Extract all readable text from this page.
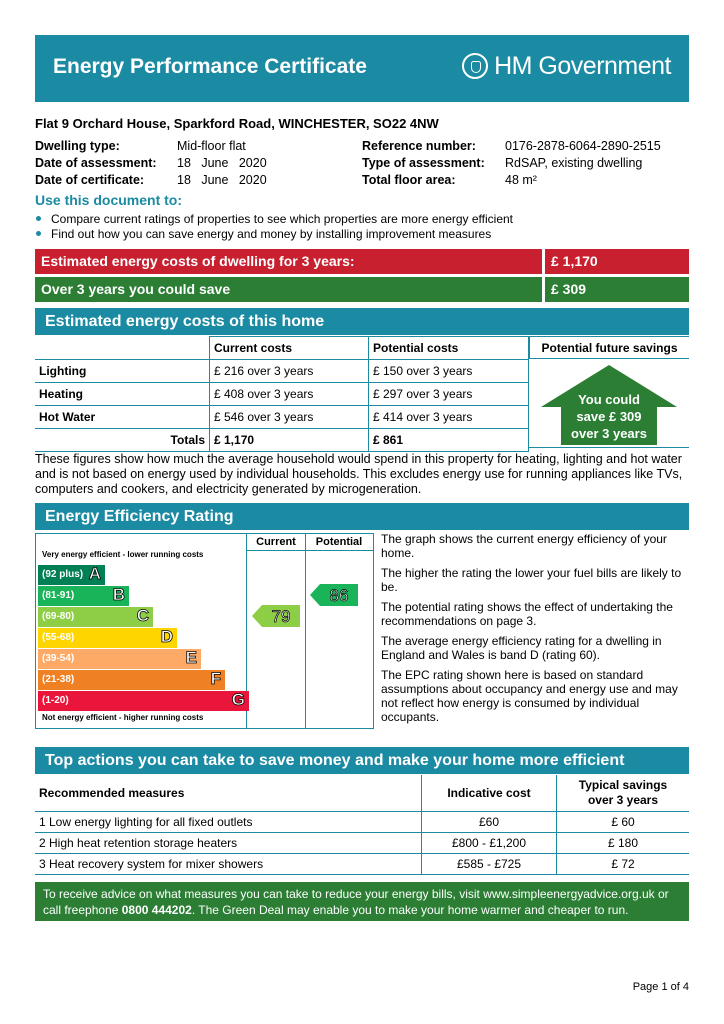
Energy Performance Certificate	HM Government
Flat 9 Orchard House, Sparkford Road, WINCHESTER, SO22 4NW
Dwelling type:	Mid-floor flat
Date of assessment:	18   June   2020
Date of certificate:	18   June   2020
Reference number:	0176-2878-6064-2890-2515
Type of assessment:	RdSAP, existing dwelling
Total floor area:	48 m²
Use this document to:
Compare current ratings of properties to see which properties are more energy efficient
Find out how you can save energy and money by installing improvement measures
Estimated energy costs of dwelling for 3 years:	£ 1,170
Over 3 years you could save	£ 309
Estimated energy costs of this home
	Current costs	Potential costs
Lighting	£ 216 over 3 years	£ 150 over 3 years
Heating	£ 408 over 3 years	£ 297 over 3 years
Hot Water	£ 546 over 3 years	£ 414 over 3 years
Totals	£ 1,170	£ 861
Potential future savings
You could
save £ 309
over 3 years
These figures show how much the average household would spend in this property for heating, lighting and hot water and is not based on energy used by individual households. This excludes energy use for running appliances like TVs, computers and cookers, and electricity generated by microgeneration.
Energy Efficiency Rating
Current	Potential
Very energy efficient - lower running costs
Not energy efficient - higher running costs
(92 plus) A
(81-91) B
(69-80)	C
(55-68)	D
(39-54)	E
(21-38)	F
(1-20)	G
79
86

The graph shows the current energy efficiency of your home.

The higher the rating the lower your fuel bills are likely to be.

The potential rating shows the effect of undertaking the recommendations on page 3.

The average energy efficiency rating for a dwelling in England and Wales is band D (rating 60).

The EPC rating shown here is based on standard assumptions about occupancy and energy use and may not reflect how energy is consumed by individual occupants.

Top actions you can take to save money and make your home more efficient
Recommended measures	Indicative cost	Typical savings
over 3 years

1 Low energy lighting for all fixed outlets	£60	£ 60
2 High heat retention storage heaters	£800 - £1,200	£ 180
3 Heat recovery system for mixer showers	£585 - £725	£ 72
To receive advice on what measures you can take to reduce your energy bills, visit www.simpleenergyadvice.org.uk or
call freephone 0800 444202. The Green Deal may enable you to make your home warmer and cheaper to run.
Page 1 of 4
